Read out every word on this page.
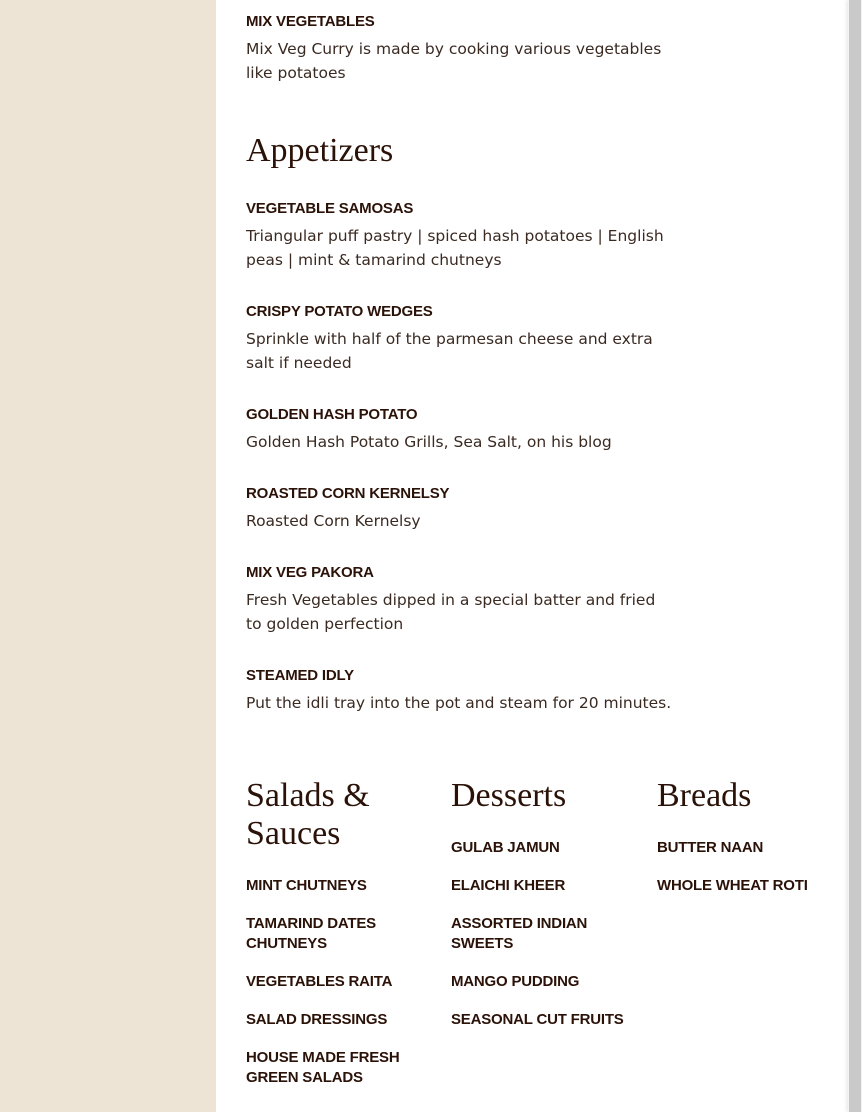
MIX VEGETABLES

Mix Veg Curry is made by cooking various vegetables like potatoes

Appetizers

VEGETABLE SAMOSAS

Triangular puff pastry | spiced hash potatoes | English peas | mint & tamarind chutneys

CRISPY POTATO WEDGES

Sprinkle with half of the parmesan cheese and extra salt if needed

GOLDEN HASH POTATO

Golden Hash Potato Grills, Sea Salt, on his blog

ROASTED CORN KERNELSY

Roasted Corn Kernelsy

MIX VEG PAKORA

Fresh Vegetables dipped in a special batter and fried to golden perfection

STEAMED IDLY

Put the idli tray into the pot and steam for 20 minutes.

Salads & Sauces

MINT CHUTNEYS

TAMARIND DATES CHUTNEYS

VEGETABLES RAITA

SALAD DRESSINGS

HOUSE MADE FRESH GREEN SALADS

Desserts

GULAB JAMUN

ELAICHI KHEER

ASSORTED INDIAN SWEETS

MANGO PUDDING

SEASONAL CUT FRUITS

Breads

BUTTER NAAN

WHOLE WHEAT ROTI
